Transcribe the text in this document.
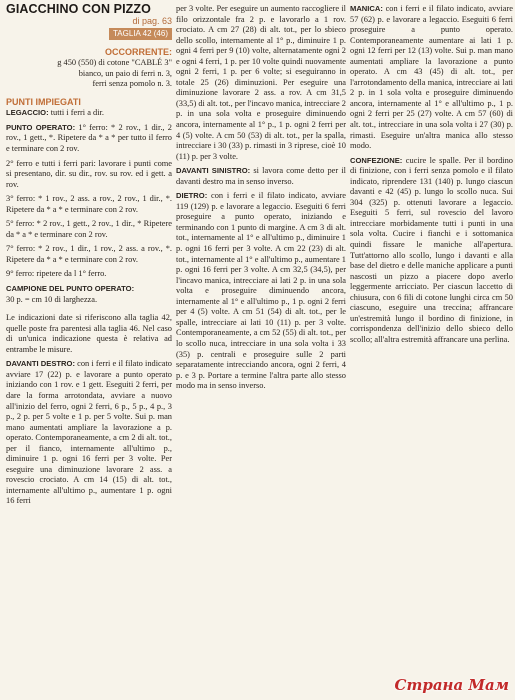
GIACCHINO CON PIZZO
di pag. 63
TAGLIA 42 (46)
OCCORRENTE:
g 450 (550) di cotone "CABLÉ 3"
bianco, un paio di ferri n. 3,
ferri senza pomolo n. 3.
PUNTI IMPIEGATI

LEGACCIO: tutti i ferri a dir.

PUNTO OPERATO: 1° ferro: * 2 rov., 1 dir., 2 rov., 1 gett., *. Ripetere da * a * per tutto il ferro e terminare con 2 rov.

2° ferro e tutti i ferri pari: lavorare i punti come si presentano, dir. su dir., rov. su rov. ed i gett. a rov.

3° ferro: * 1 rov., 2 ass. a rov., 2 rov., 1 dir., *. Ripetere da * a * e terminare con 2 rov.

5° ferro: * 2 rov., 1 gett., 2 rov., 1 dir., * Ripetere da * a * e terminare con 2 rov.

7° ferro: * 2 rov., 1 dir., 1 rov., 2 ass. a rov., *. Ripetere da * a * e terminare con 2 rov.

9° ferro: ripetere da l 1° ferro.

CAMPIONE DEL PUNTO OPERATO:

30 p. = cm 10 di larghezza.

Le indicazioni date si riferiscono alla taglia 42, quelle poste fra parentesi alla taglia 46. Nel caso di un'unica indicazione questa è relativa ad entrambe le misure.

DAVANTI DESTRO: con i ferri e il filato indicato avviare 17 (22) p. e lavorare a punto operato iniziando con 1 rov. e 1 gett. Eseguiti 2 ferri, per dare la forma arrotondata, avviare a nuovo all'inizio del ferro, ogni 2 ferri, 6 p., 5 p., 4 p., 3 p., 2 p. per 5 volte e 1 p. per 5 volte. Sui p. man mano aumentati ampliare la lavorazione a p. operato. Contemporaneamente, a cm 2 di alt. tot., per il fianco, internamente all'ultimo p., diminuire 1 p. ogni 16 ferri per 3 volte. Per eseguire una diminuzione lavorare 2 ass. a rovescio crociato. A cm 14 (15) di alt. tot., internamente all'ultimo p., aumentare 1 p. ogni 16 ferri

per 3 volte. Per eseguire un aumento raccogliere il filo orizzontale fra 2 p. e lavorarlo a 1 rov. crociato. A cm 27 (28) di alt. tot., per lo sbieco dello scollo, internamente al 1° p., diminuire 1 p. ogni 4 ferri per 9 (10) volte, alternatamente ogni 2 e ogni 4 ferri, 1 p. per 10 volte quindi nuovamente ogni 2 ferri, 1 p. per 6 volte; si eseguiranno in totale 25 (26) diminuzioni. Per eseguire una diminuzione lavorare 2 ass. a rov. A cm 31,5 (33,5) di alt. tot., per l'incavo manica, intrecciare 2 p. in una sola volta e proseguire diminuendo ancora, internamente al 1° p., 1 p. ogni 2 ferri per 4 (5) volte. A cm 50 (53) di alt. tot., per la spalla, intrecciare i 30 (33) p. rimasti in 3 riprese, cioè 10 (11) p. per 3 volte.

DAVANTI SINISTRO: si lavora come detto per il davanti destro ma in senso inverso.

DIETRO: con i ferri e il filato indicato, avviare 119 (129) p. e lavorare a legaccio. Eseguiti 6 ferri proseguire a punto operato, iniziando e terminando con 1 punto di margine. A cm 3 di alt. tot., internamente al 1° e all'ultimo p., diminuire 1 p. ogni 16 ferri per 3 volte. A cm 22 (23) di alt. tot., internamente al 1° e all'ultimo p., aumentare 1 p. ogni 16 ferri per 3 volte. A cm 32,5 (34,5), per l'incavo manica, intrecciare ai lati 2 p. in una sola volta e proseguire diminuendo ancora, internamente al 1° e all'ultimo p., 1 p. ogni 2 ferri per 4 (5) volte. A cm 51 (54) di alt. tot., per le spalle, intrecciare ai lati 10 (11) p. per 3 volte. Contemporaneamente, a cm 52 (55) di alt. tot., per lo scollo nuca, intrecciare in una sola volta i 33 (35) p. centrali e proseguire sulle 2 parti separatamente intrecciando ancora, ogni 2 ferri, 4 p. e 3 p. Portare a termine l'altra parte allo stesso modo ma in senso inverso.

MANICA: con i ferri e il filato indicato, avviare 57 (62) p. e lavorare a legaccio. Eseguiti 6 ferri proseguire a punto operato. Contemporaneamente aumentare ai lati 1 p. ogni 12 ferri per 12 (13) volte. Sui p. man mano aumentati ampliare la lavorazione a punto operato. A cm 43 (45) di alt. tot., per l'arrotondamento della manica, intrecciare ai lati 2 p. in 1 sola volta e proseguire diminuendo ancora, internamente al 1° e all'ultimo p., 1 p. ogni 2 ferri per 25 (27) volte. A cm 57 (60) di alt. tot., intrecciare in una sola volta i 27 (30) p. rimasti. Eseguire un'altra manica allo stesso modo.

CONFEZIONE: cucire le spalle. Per il bordino di finizione, con i ferri senza pomolo e il filato indicato, riprendere 131 (140) p. lungo ciascun davanti e 42 (45) p. lungo lo scollo nuca. Sui 304 (325) p. ottenuti lavorare a legaccio. Eseguiti 5 ferri, sul rovescio del lavoro intrecciare morbidamente tutti i punti in una sola volta. Cucire i fianchi e i sottomanica quindi fissare le maniche all'apertura. Tutt'attorno allo scollo, lungo i davanti e alla base del dietro e delle maniche applicare a punti nascosti un pizzo a piacere dopo averlo leggermente arricciato. Per ciascun laccetto di chiusura, con 6 fili di cotone lunghi circa cm 50 ciascuno, eseguire una treccina; affrancare un'estremità lungo il bordino di finizione, in corrispondenza dell'inizio dello sbieco dello scollo; all'altra estremità affrancare una perlina.

Страна Мам
